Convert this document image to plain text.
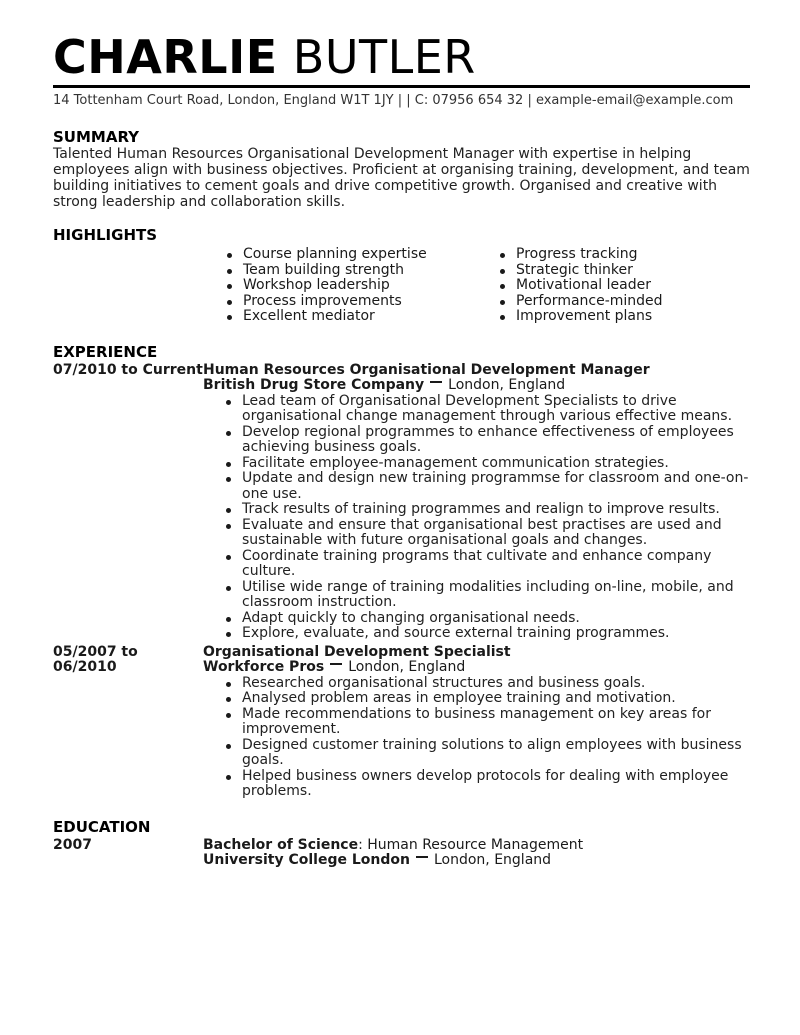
CHARLIE BUTLER
14 Tottenham Court Road, London, England W1T 1JY | | C: 07956 654 32 | example-email@example.com
SUMMARY
Talented Human Resources Organisational Development Manager with expertise in helping employees align with business objectives. Proficient at organising training, development, and team building initiatives to cement goals and drive competitive growth. Organised and creative with strong leadership and collaboration skills.
HIGHLIGHTS
Course planning expertise
Team building strength
Workshop leadership
Process improvements
Excellent mediator
Progress tracking
Strategic thinker
Motivational leader
Performance-minded
Improvement plans
EXPERIENCE
07/2010 to Current Human Resources Organisational Development Manager
British Drug Store Company London, England
Lead team of Organisational Development Specialists to drive organisational change management through various effective means.
Develop regional programmes to enhance effectiveness of employees achieving business goals.
Facilitate employee-management communication strategies.
Update and design new training programmse for classroom and one-on-one use.
Track results of training programmes and realign to improve results.
Evaluate and ensure that organisational best practises are used and sustainable with future organisational goals and changes.
Coordinate training programs that cultivate and enhance company culture.
Utilise wide range of training modalities including on-line, mobile, and classroom instruction.
Adapt quickly to changing organisational needs.
Explore, evaluate, and source external training programmes.
05/2007 to 06/2010
Organisational Development Specialist
Workforce Pros London, England
Researched organisational structures and business goals.
Analysed problem areas in employee training and motivation.
Made recommendations to business management on key areas for improvement.
Designed customer training solutions to align employees with business goals.
Helped business owners develop protocols for dealing with employee problems.
EDUCATION
2007	Bachelor of Science: Human Resource Management
University College London London, England
